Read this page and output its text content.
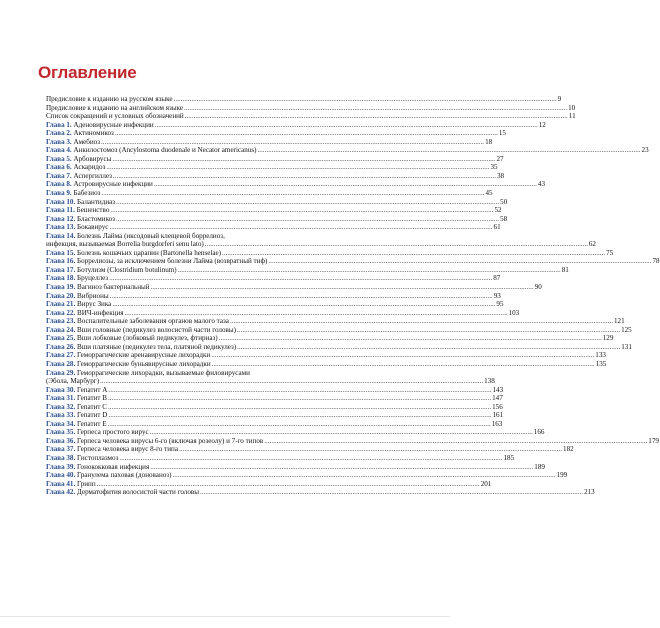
Оглавление
Предисловие к изданию на русском языке .....	9
Предисловие к изданию на английском языке .....	10
Список сокращений и условных обозначений .....	11
Глава 1. Аденовирусные инфекции .....	12
Глава 2. Актиномикоз .....	15
Глава 3. Амебиоз .....	18
Глава 4. Анкилостомоз (Ancylostoma duodenale и Necator americanus) .....	23
Глава 5. Арбовирусы .....	27
Глава 6. Аскаридоз .....	35
Глава 7. Аспергиллез .....	38
Глава 8. Астровирусные инфекции .....	43
Глава 9. Бабезиоз .....	45
Глава 10. Балантидиаз .....	50
Глава 11. Бешенство .....	52
Глава 12. Бластомикоз .....	58
Глава 13. Бокавирус .....	61
Глава 14. Болезнь Лайма (иксодовый клещевой боррелиоз,
инфекция, вызываемая Borrelia burgdorferi senu lato) .....	62
Глава 15. Болезнь кошачьих царапин (Bartonella henselae) .....	75
Глава 16. Боррелиозы, за исключением болезни Лайма (возвратный тиф) .....	78
Глава 17. Ботулизм (Clostridium botulinum) .....	81
Глава 18. Бруцеллез .....	87
Глава 19. Вагиноз бактериальный .....	90
Глава 20. Вибрионы .....	93
Глава 21. Вирус Зика .....	95
Глава 22. ВИЧ-инфекция .....	103
Глава 23. Воспалительные заболевания органов малого таза .....	121
Глава 24. Вши головные (педикулез волосистой части головы) .....	125
Глава 25. Вши лобковые (лобковый педикулез, фтириаз) .....	129
Глава 26. Вши платяные (педикулез тела, платяной педикулез) .....	131
Глава 27. Геморрагические аренавирусные лихорадки .....	133
Глава 28. Геморрагические буньявирусные лихорадки .....	135
Глава 29. Геморрагические лихорадки, вызываемые филовирусами
(Эбола, Марбург) .....	138
Глава 30. Гепатит A .....	143
Глава 31. Гепатит B .....	147
Глава 32. Гепатит C .....	156
Глава 33. Гепатит D .....	161
Глава 34. Гепатит E .....	163
Глава 35. Герпеса простого вирус .....	166
Глава 36. Герпеса человека вирусы 6-го (включая розеолу) и 7-го типов .....	179
Глава 37. Герпеса человека вирус 8-го типа .....	182
Глава 38. Гистоплазмоз .....	185
Глава 39. Гонококковая инфекция .....	189
Глава 40. Гранулема паховая (донованоз) .....	199
Глава 41. Грипп .....	201
Глава 42. Дерматофития волосистой части головы .....	213
